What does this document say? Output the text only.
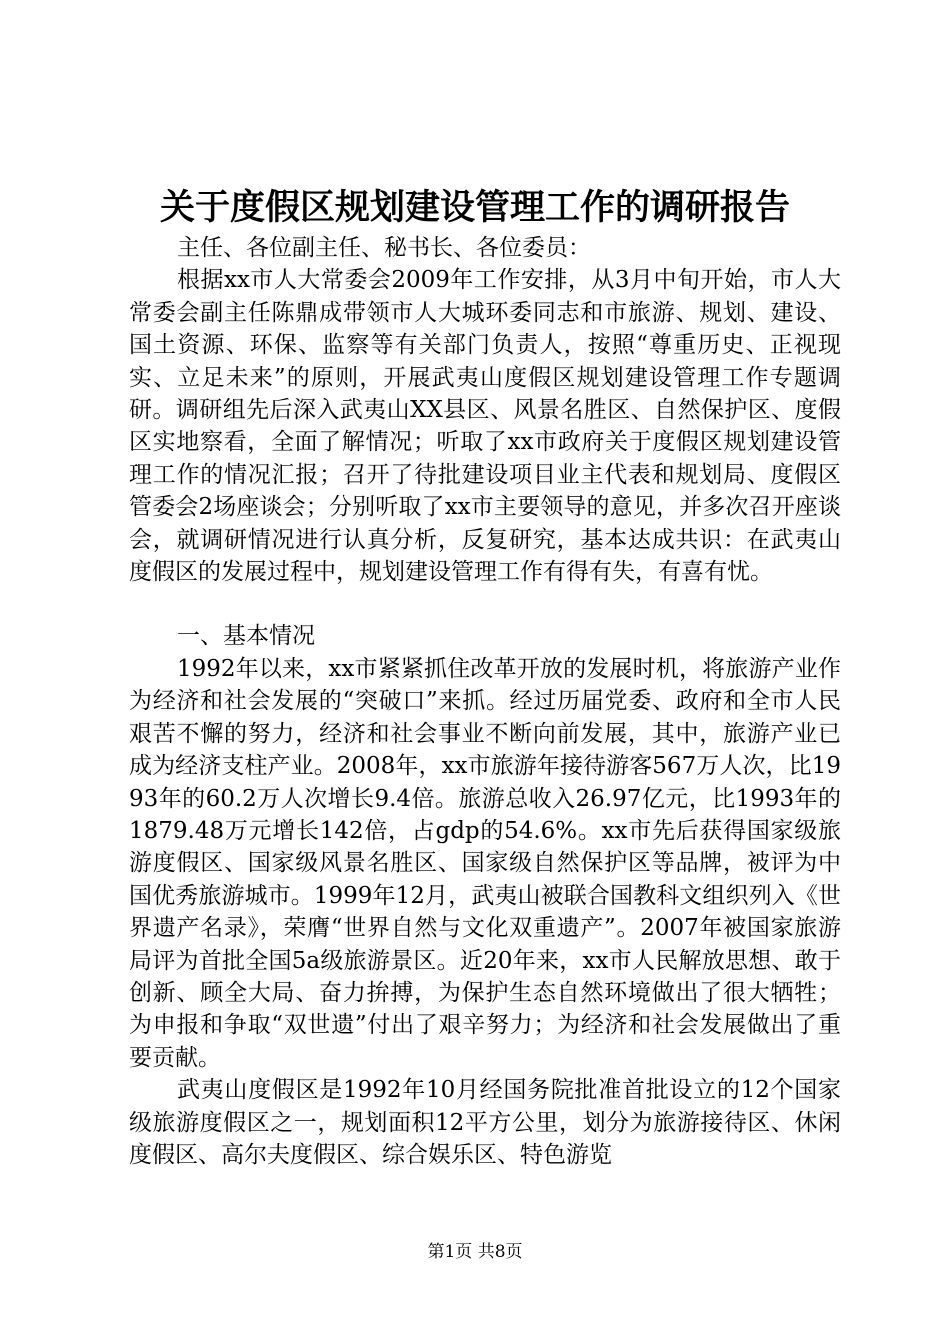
关于度假区规划建设管理工作的调研报告

主任、各位副主任、秘书长、各位委员：

根据xx市人大常委会2009年工作安排，从3月中旬开始，市人大常委会副主任陈鼎成带领市人大城环委同志和市旅游、规划、建设、国土资源、环保、监察等有关部门负责人，按照“尊重历史、正视现实、立足未来”的原则，开展武夷山度假区规划建设管理工作专题调研。调研组先后深入武夷山XX县区、风景名胜区、自然保护区、度假区实地察看，全面了解情况；听取了xx市政府关于度假区规划建设管理工作的情况汇报；召开了待批建设项目业主代表和规划局、度假区管委会2场座谈会；分别听取了xx市主要领导的意见，并多次召开座谈会，就调研情况进行认真分析，反复研究，基本达成共识：在武夷山度假区的发展过程中，规划建设管理工作有得有失，有喜有忧。

一、基本情况

1992年以来，xx市紧紧抓住改革开放的发展时机，将旅游产业作为经济和社会发展的“突破口”来抓。经过历届党委、政府和全市人民艰苦不懈的努力，经济和社会事业不断向前发展，其中，旅游产业已成为经济支柱产业。2008年，xx市旅游年接待游客567万人次，比1993年的60.2万人次增长9.4倍。旅游总收入26.97亿元，比1993年的1879.48万元增长142倍，占gdp的54.6%。xx市先后获得国家级旅游度假区、国家级风景名胜区、国家级自然保护区等品牌，被评为中国优秀旅游城市。1999年12月，武夷山被联合国教科文组织列入《世界遗产名录》，荣膺“世界自然与文化双重遗产”。2007年被国家旅游局评为首批全国5a级旅游景区。近20年来，xx市人民解放思想、敢于创新、顾全大局、奋力拚搏，为保护生态自然环境做出了很大牺牲；为申报和争取“双世遗”付出了艰辛努力；为经济和社会发展做出了重要贡献。

武夷山度假区是1992年10月经国务院批准首批设立的12个国家级旅游度假区之一，规划面积12平方公里，划分为旅游接待区、休闲度假区、高尔夫度假区、综合娱乐区、特色游览

第1页 共8页
